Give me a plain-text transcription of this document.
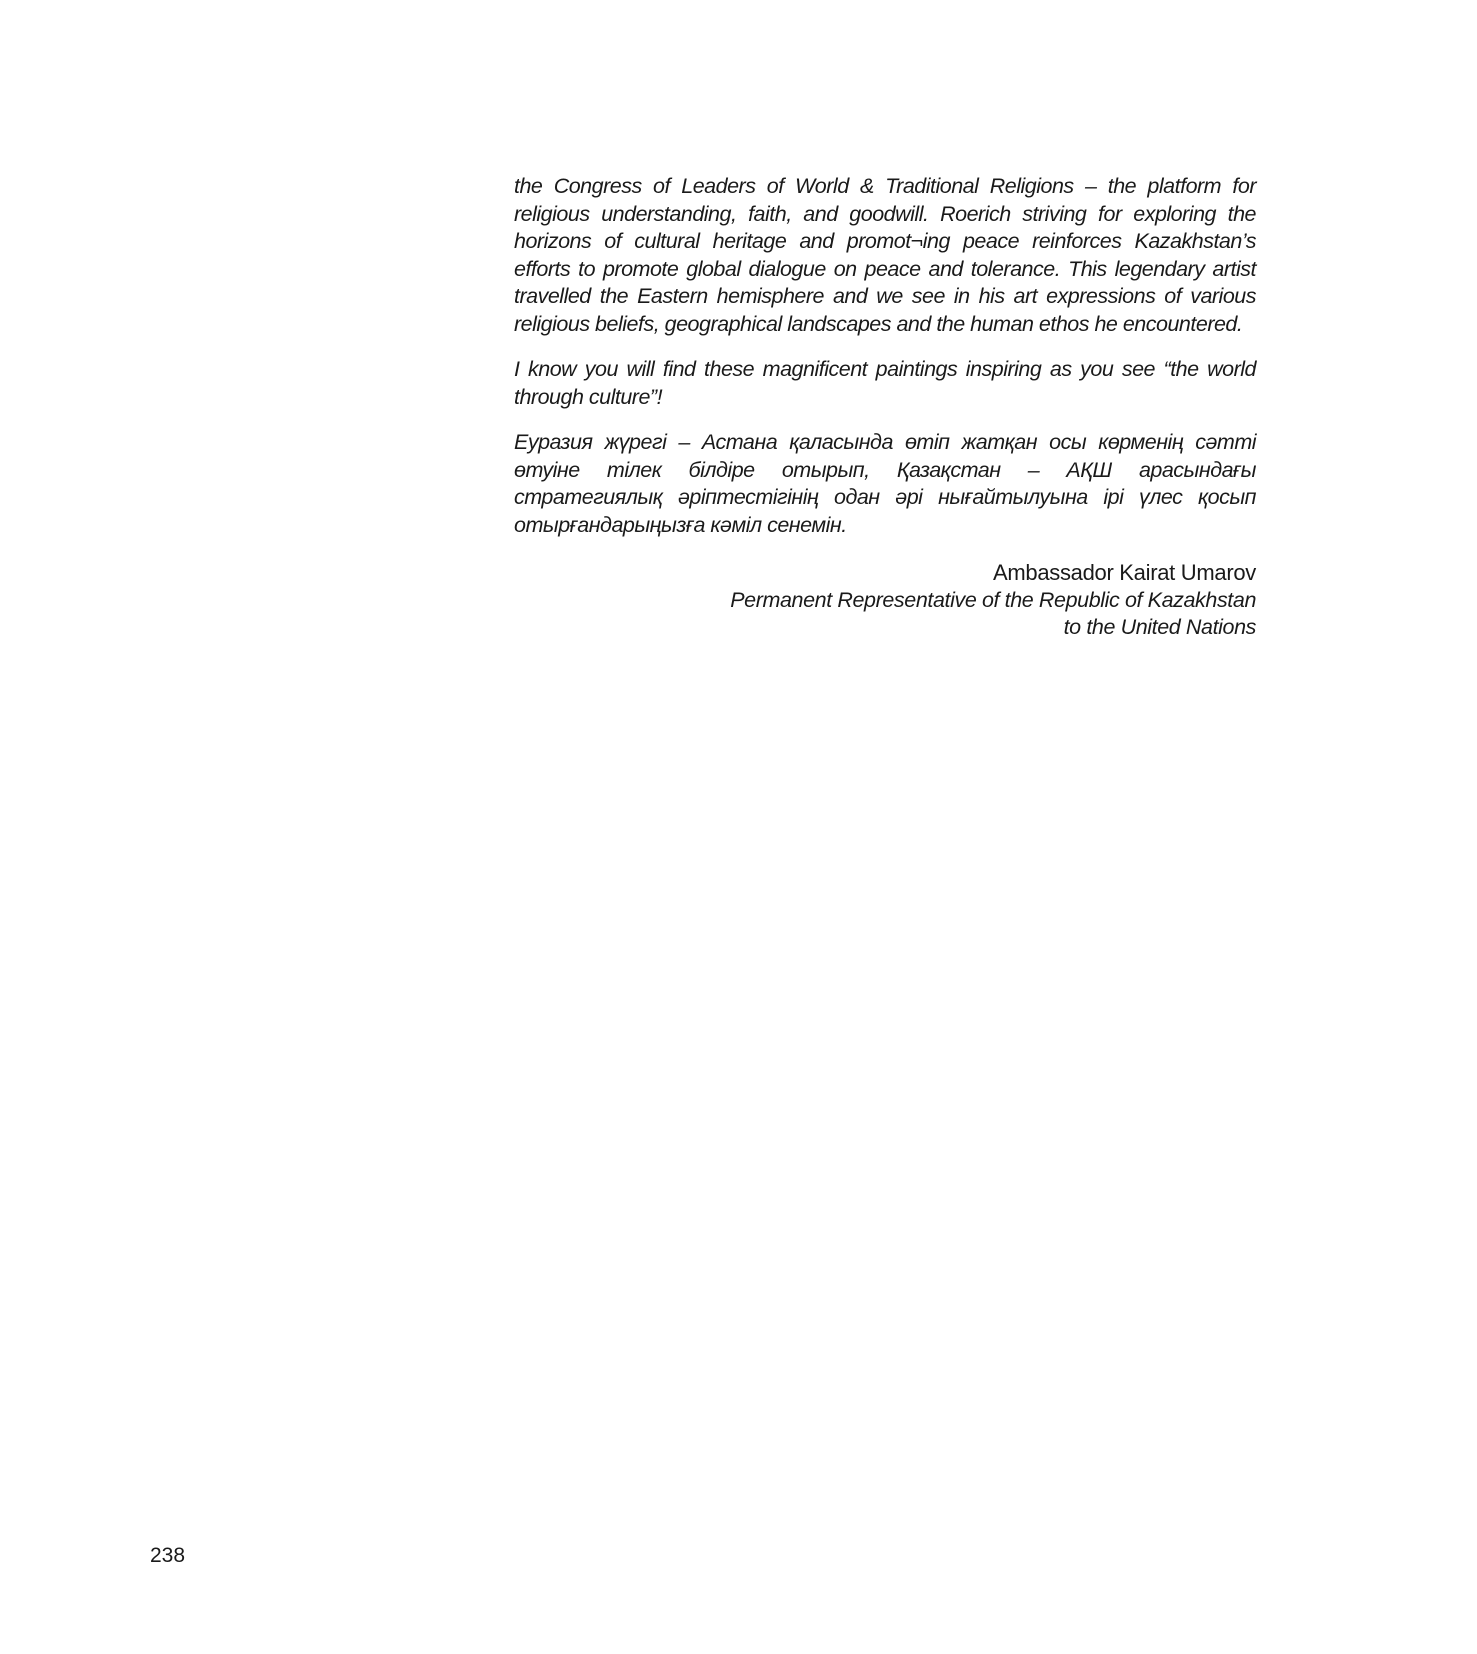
the Congress of Leaders of World & Traditional Religions – the platform for religious understanding, faith, and goodwill. Roerich striving for exploring the horizons of cultural heritage and promot¬ing peace reinforces Kazakhstan’s efforts to promote global dialogue on peace and tolerance. This legendary artist travelled the Eastern hemisphere and we see in his art expressions of various religious beliefs, geographical landscapes and the human ethos he encountered.

I know you will find these magnificent paintings inspiring as you see “the world through culture”!

Еуразия жүрегі – Астана қаласында өтіп жатқан осы көрменің сәтті өтуіне тілек білдіре отырып, Қазақстан – АҚШ арасындағы стратегиялық әріптестігінің одан әрі нығайтылуына ірі үлес қосып отырғандарыңызға кәміл сенемін.

Ambassador Kairat Umarov
Permanent Representative of the Republic of Kazakhstan
to the United Nations
238
